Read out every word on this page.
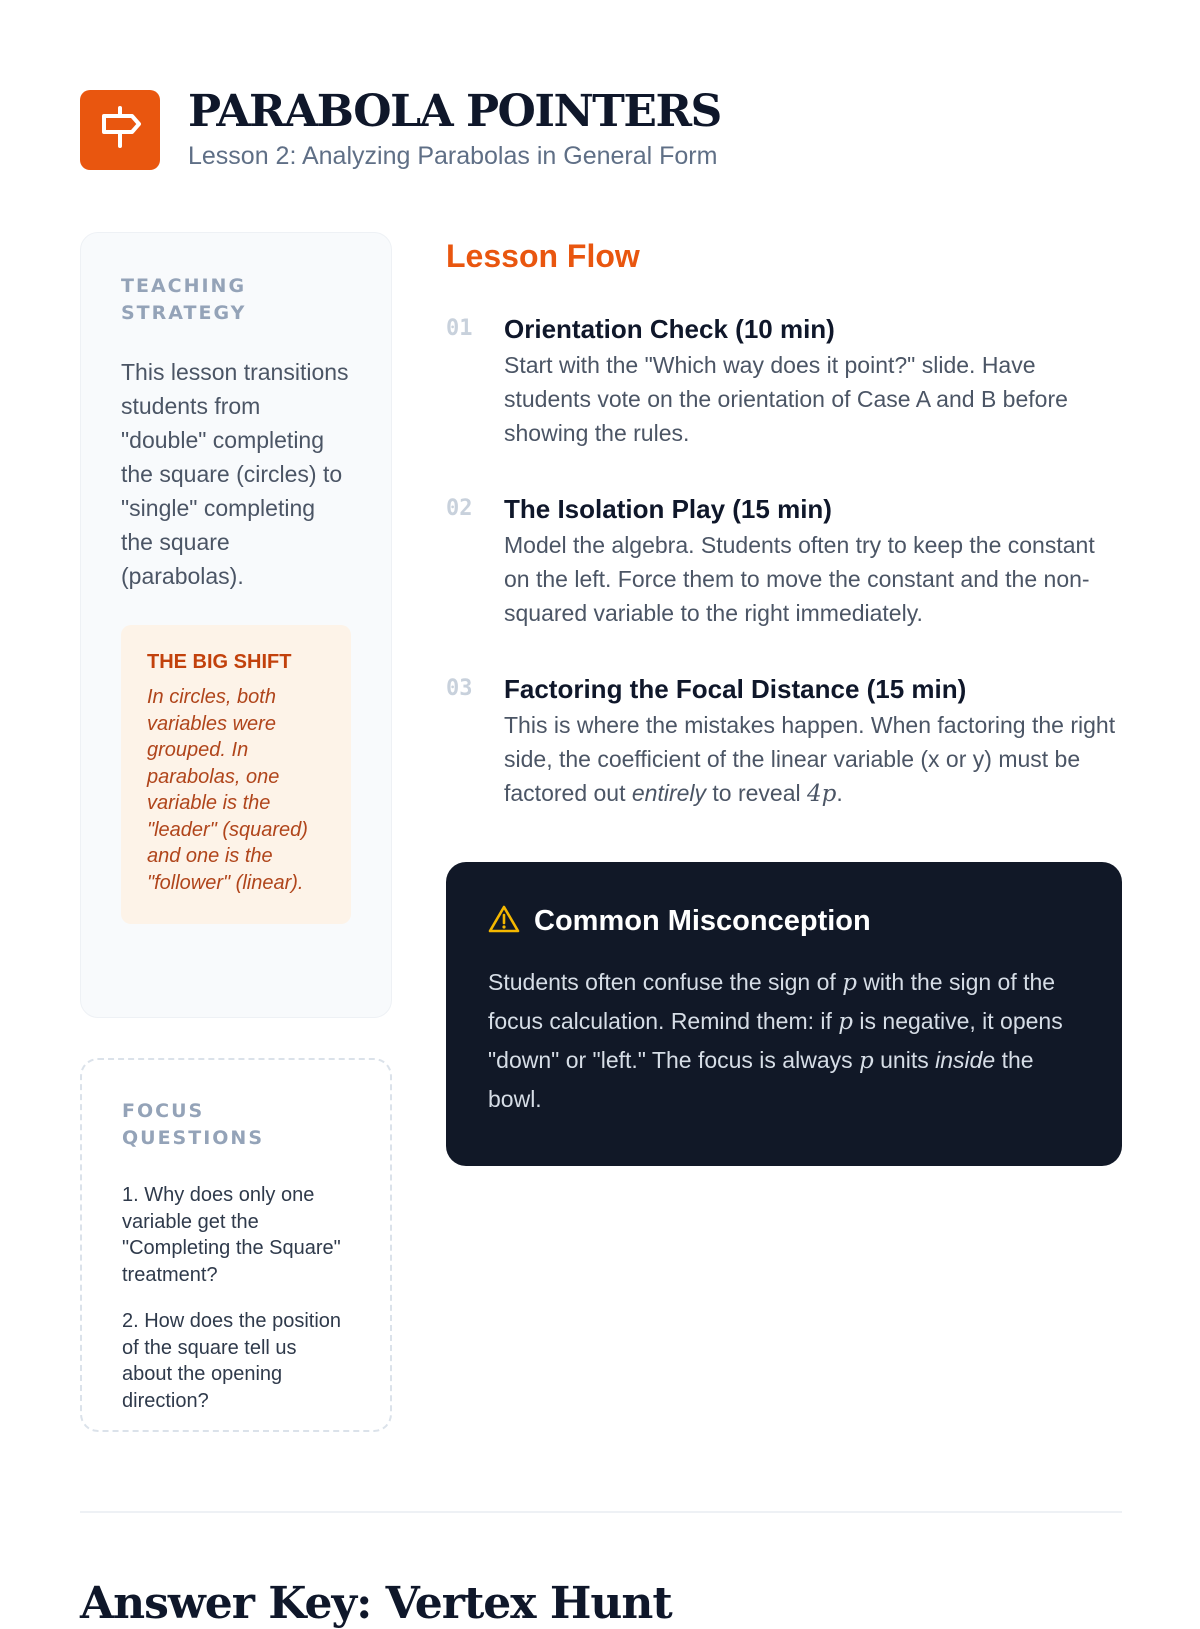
PARABOLA POINTERS
Lesson 2: Analyzing Parabolas in General Form
TEACHING STRATEGY
This lesson transitions students from "double" completing the square (circles) to "single" completing the square (parabolas).
THE BIG SHIFT
In circles, both variables were grouped. In parabolas, one variable is the "leader" (squared) and one is the "follower" (linear).
FOCUS QUESTIONS
1. Why does only one variable get the "Completing the Square" treatment?
2. How does the position of the square tell us about the opening direction?
Lesson Flow
01 Orientation Check (10 min)
Start with the "Which way does it point?" slide. Have students vote on the orientation of Case A and B before showing the rules.
02 The Isolation Play (15 min)
Model the algebra. Students often try to keep the constant on the left. Force them to move the constant and the non-squared variable to the right immediately.
03 Factoring the Focal Distance (15 min)
This is where the mistakes happen. When factoring the right side, the coefficient of the linear variable (x or y) must be factored out entirely to reveal 4p.
Common Misconception
Students often confuse the sign of p with the sign of the focus calculation. Remind them: if p is negative, it opens "down" or "left." The focus is always p units inside the bowl.
Answer Key: Vertex Hunt
